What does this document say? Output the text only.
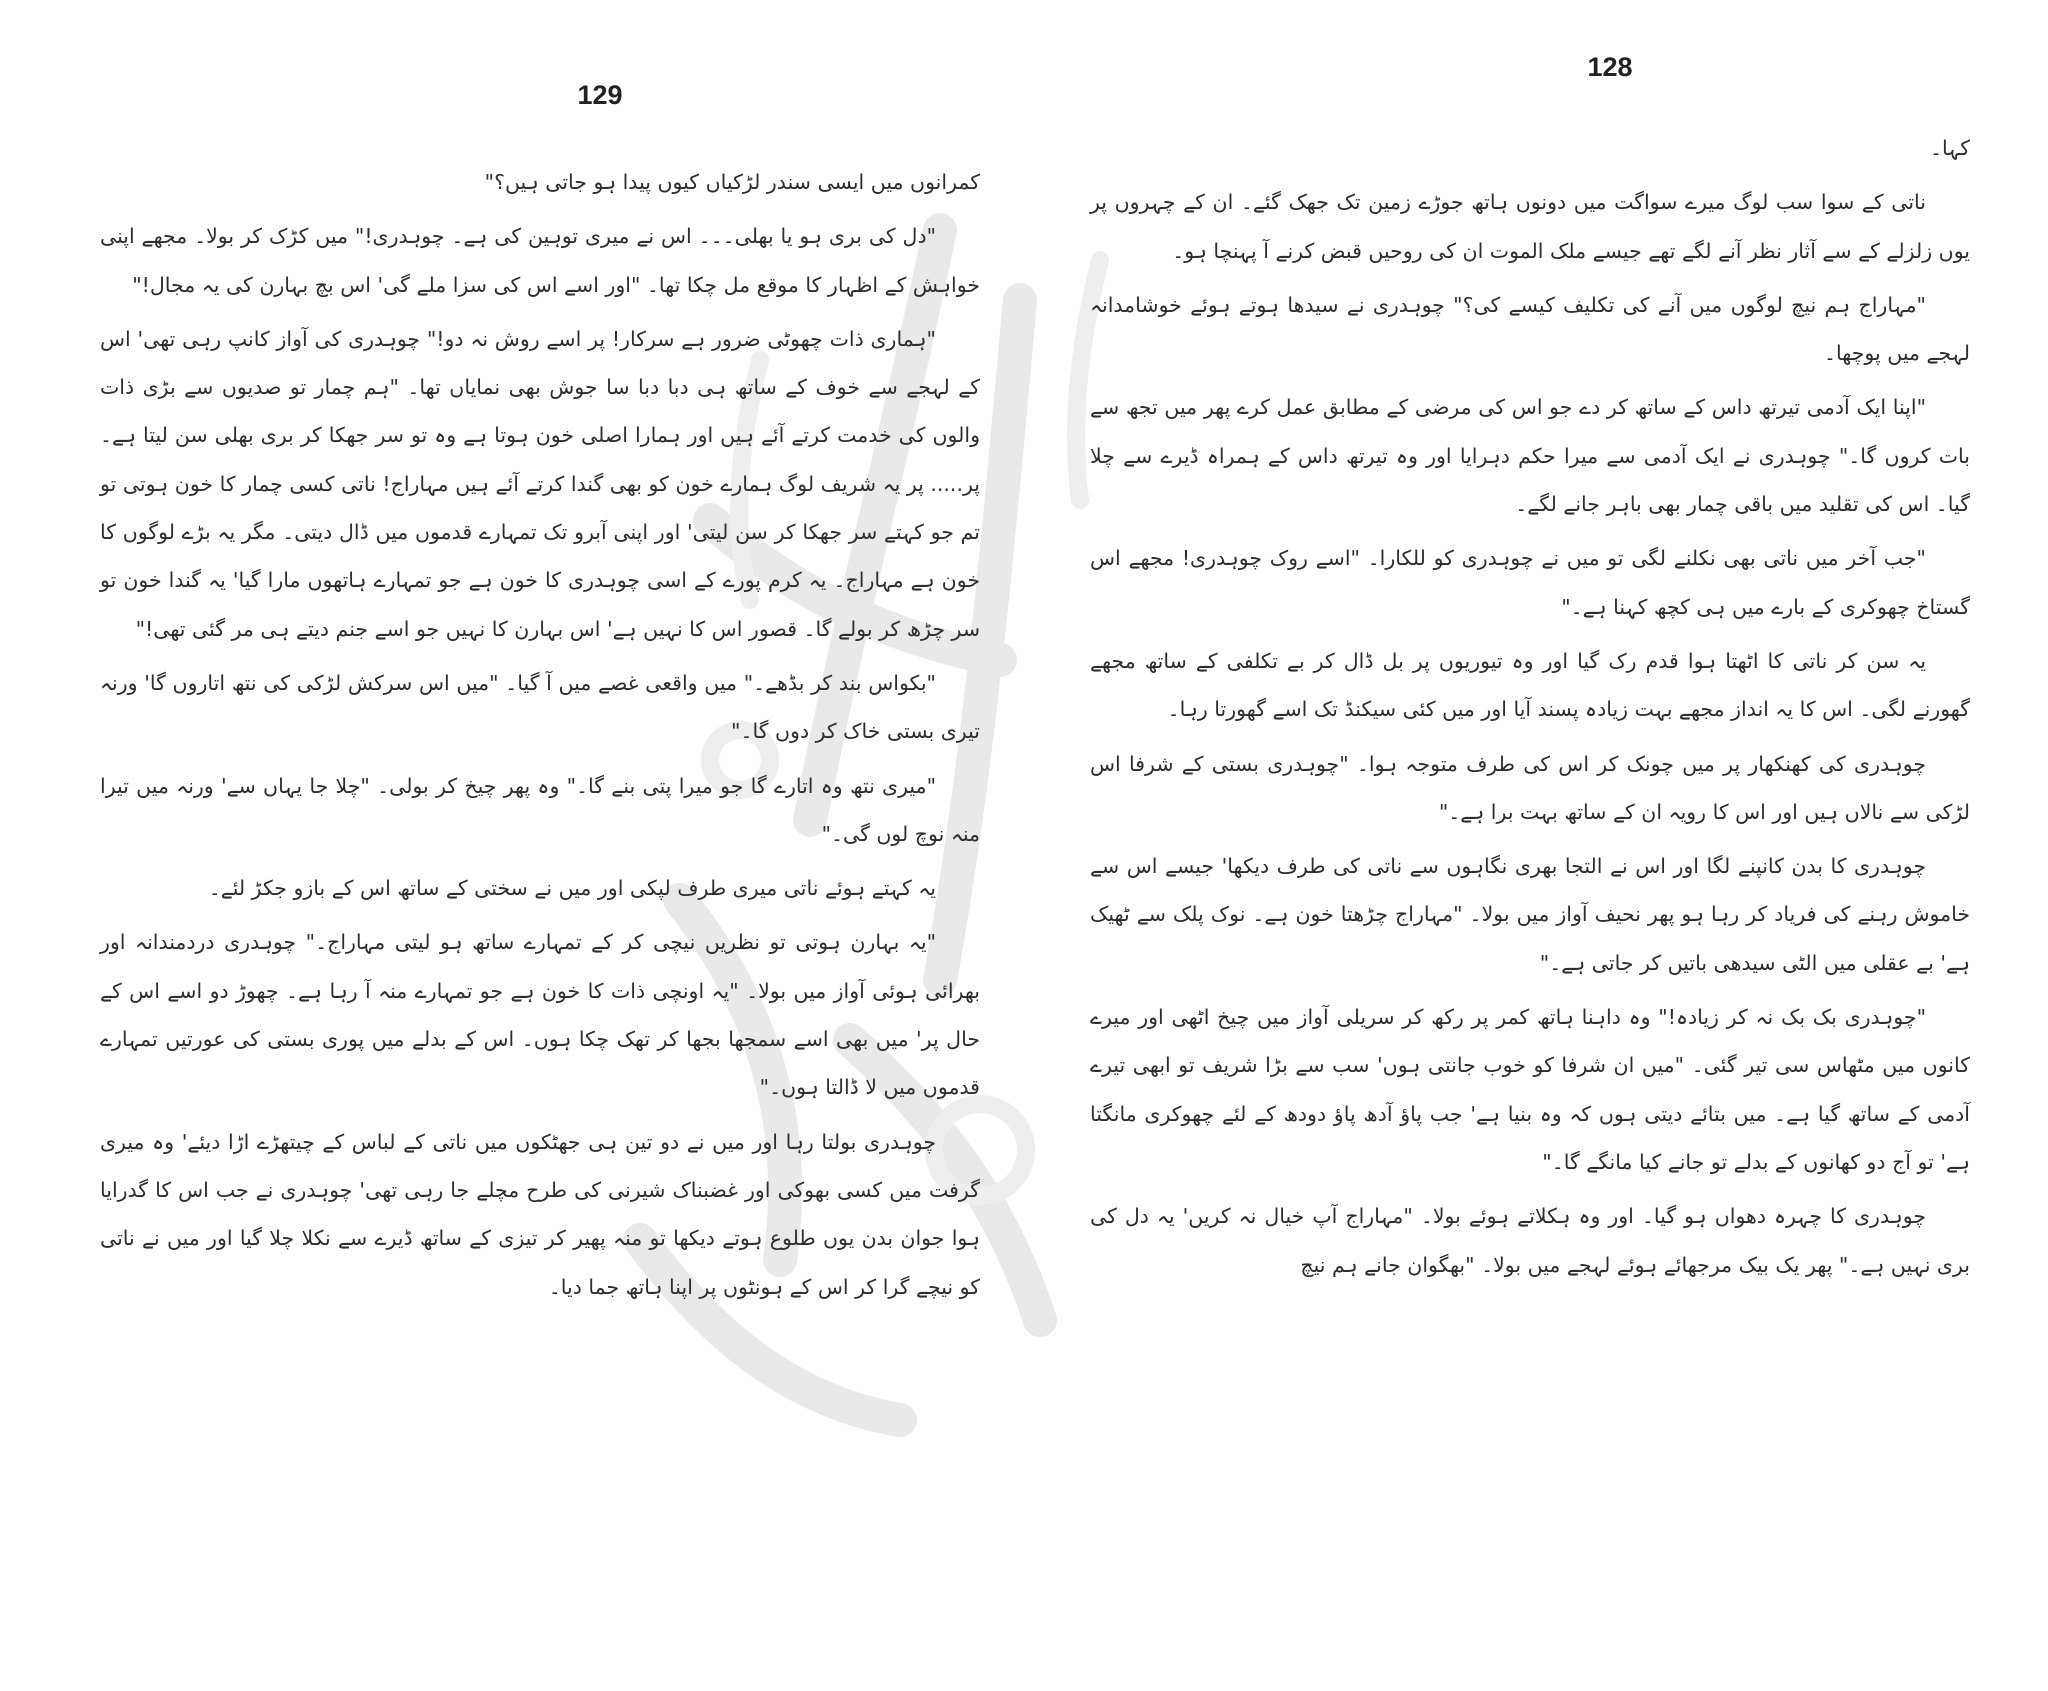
129

کمرانوں میں ایسی سندر لڑکیاں کیوں پیدا ہو جاتی ہیں؟"

"دل کی بری ہو یا بھلی۔۔۔ اس نے میری توہین کی ہے۔ چوہدری!" میں کڑک کر بولا۔ مجھے اپنی خواہش کے اظہار کا موقع مل چکا تھا۔ "اور اسے اس کی سزا ملے گی' اس بچ بہارن کی یہ مجال!"

"ہماری ذات چھوٹی ضرور ہے سرکار! پر اسے روش نہ دو!" چوہدری کی آواز کانپ رہی تھی' اس کے لہجے سے خوف کے ساتھ ہی دبا دبا سا جوش بھی نمایاں تھا۔ "ہم چمار تو صدیوں سے بڑی ذات والوں کی خدمت کرتے آئے ہیں اور ہمارا اصلی خون ہوتا ہے وہ تو سر جھکا کر بری بھلی سن لیتا ہے۔ پر..... پر یہ شریف لوگ ہمارے خون کو بھی گندا کرتے آئے ہیں مہاراج! ناتی کسی چمار کا خون ہوتی تو تم جو کہتے سر جھکا کر سن لیتی' اور اپنی آبرو تک تمہارے قدموں میں ڈال دیتی۔ مگر یہ بڑے لوگوں کا خون ہے مہاراج۔ یہ کرم پورے کے اسی چوہدری کا خون ہے جو تمہارے ہاتھوں مارا گیا' یہ گندا خون تو سر چڑھ کر بولے گا۔ قصور اس کا نہیں ہے' اس بہارن کا نہیں جو اسے جنم دیتے ہی مر گئی تھی!"

"بکواس بند کر بڈھے۔" میں واقعی غصے میں آ گیا۔ "میں اس سرکش لڑکی کی نتھ اتاروں گا' ورنہ تیری بستی خاک کر دوں گا۔"

"میری نتھ وہ اتارے گا جو میرا پتی بنے گا۔" وہ پھر چیخ کر بولی۔ "چلا جا یہاں سے' ورنہ میں تیرا منہ نوچ لوں گی۔"

یہ کہتے ہوئے ناتی میری طرف لپکی اور میں نے سختی کے ساتھ اس کے بازو جکڑ لئے۔

"یہ بہارن ہوتی تو نظریں نیچی کر کے تمہارے ساتھ ہو لیتی مہاراج۔" چوہدری دردمندانہ اور بھرائی ہوئی آواز میں بولا۔ "یہ اونچی ذات کا خون ہے جو تمہارے منہ آ رہا ہے۔ چھوڑ دو اسے اس کے حال پر' میں بھی اسے سمجھا بجھا کر تھک چکا ہوں۔ اس کے بدلے میں پوری بستی کی عورتیں تمہارے قدموں میں لا ڈالتا ہوں۔"

چوہدری بولتا رہا اور میں نے دو تین ہی جھٹکوں میں ناتی کے لباس کے چیتھڑے اڑا دیئے' وہ میری گرفت میں کسی بھوکی اور غضبناک شیرنی کی طرح مچلے جا رہی تھی' چوہدری نے جب اس کا گدرایا ہوا جوان بدن یوں طلوع ہوتے دیکھا تو منہ پھیر کر تیزی کے ساتھ ڈیرے سے نکلا چلا گیا اور میں نے ناتی کو نیچے گرا کر اس کے ہونٹوں پر اپنا ہاتھ جما دیا۔

128

کہا۔

ناتی کے سوا سب لوگ میرے سواگت میں دونوں ہاتھ جوڑے زمین تک جھک گئے۔ ان کے چہروں پر یوں زلزلے کے سے آثار نظر آنے لگے تھے جیسے ملک الموت ان کی روحیں قبض کرنے آ پہنچا ہو۔

"مہاراج ہم نیچ لوگوں میں آنے کی تکلیف کیسے کی؟" چوہدری نے سیدھا ہوتے ہوئے خوشامدانہ لہجے میں پوچھا۔

"اپنا ایک آدمی تیرتھ داس کے ساتھ کر دے جو اس کی مرضی کے مطابق عمل کرے پھر میں تجھ سے بات کروں گا۔" چوہدری نے ایک آدمی سے میرا حکم دہرایا اور وہ تیرتھ داس کے ہمراہ ڈیرے سے چلا گیا۔ اس کی تقلید میں باقی چمار بھی باہر جانے لگے۔

"جب آخر میں ناتی بھی نکلنے لگی تو میں نے چوہدری کو للکارا۔ "اسے روک چوہدری! مجھے اس گستاخ چھوکری کے بارے میں ہی کچھ کہنا ہے۔"

یہ سن کر ناتی کا اٹھتا ہوا قدم رک گیا اور وہ تیوریوں پر بل ڈال کر بے تکلفی کے ساتھ مجھے گھورنے لگی۔ اس کا یہ انداز مجھے بہت زیادہ پسند آیا اور میں کئی سیکنڈ تک اسے گھورتا رہا۔

چوہدری کی کھنکھار پر میں چونک کر اس کی طرف متوجہ ہوا۔ "چوہدری بستی کے شرفا اس لڑکی سے نالاں ہیں اور اس کا رویہ ان کے ساتھ بہت برا ہے۔"

چوہدری کا بدن کانپنے لگا اور اس نے التجا بھری نگاہوں سے ناتی کی طرف دیکھا' جیسے اس سے خاموش رہنے کی فریاد کر رہا ہو پھر نحیف آواز میں بولا۔ "مہاراج چڑھتا خون ہے۔ نوک پلک سے ٹھیک ہے' بے عقلی میں الٹی سیدھی باتیں کر جاتی ہے۔"

"چوہدری بک بک نہ کر زیادہ!" وہ داہنا ہاتھ کمر پر رکھ کر سریلی آواز میں چیخ اٹھی اور میرے کانوں میں مٹھاس سی تیر گئی۔ "میں ان شرفا کو خوب جانتی ہوں' سب سے بڑا شریف تو ابھی تیرے آدمی کے ساتھ گیا ہے۔ میں بتائے دیتی ہوں کہ وہ بنیا ہے' جب پاؤ آدھ پاؤ دودھ کے لئے چھوکری مانگتا ہے' تو آج دو کھانوں کے بدلے تو جانے کیا مانگے گا۔"

چوہدری کا چہرہ دھواں ہو گیا۔ اور وہ ہکلاتے ہوئے بولا۔ "مہاراج آپ خیال نہ کریں' یہ دل کی بری نہیں ہے۔" پھر یک بیک مرجھائے ہوئے لہجے میں بولا۔ "بھگوان جانے ہم نیچ
